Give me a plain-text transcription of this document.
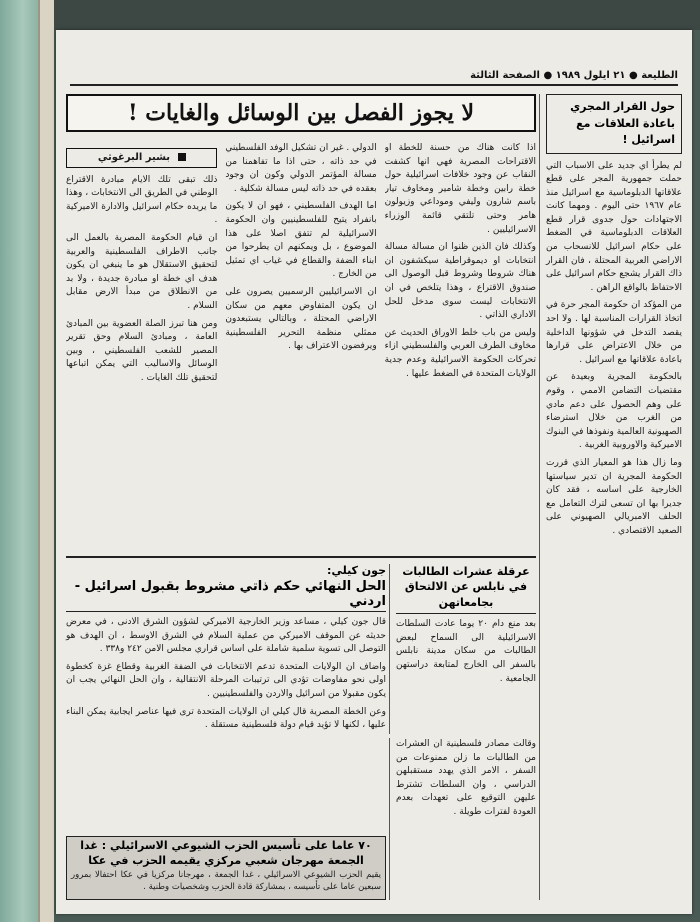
الطليعة ● ٢١ ايلول ١٩٨٩ ● الصفحة الثالثة
حول القرار المجري باعادة العلاقات مع اسرائيل !

لم يطرأ اي جديد على الاسباب التي حملت جمهورية المجر على قطع علاقاتها الدبلوماسية مع اسرائيل منذ عام ١٩٦٧ حتى اليوم . ومهما كانت الاجتهادات حول جدوى قرار قطع العلاقات الدبلوماسية في الضغط على حكام اسرائيل للانسحاب من الاراضي العربية المحتلة ، فان القرار ذاك القرار يشجع حكام اسرائيل على الاحتفاظ بالواقع الراهن .

من المؤكد ان حكومة المجر حرة في اتخاذ القرارات المناسبة لها . ولا احد يقصد التدخل في شؤونها الداخلية من خلال الاعتراض على قرارها باعادة علاقاتها مع اسرائيل .

بالحكومة المجرية وبعيدة عن مقتضيات التضامن الاممي ، وقوم على وهم الحصول على دعم مادي من الغرب من خلال استرضاء الصهيونية العالمية ونفوذها في البنوك الاميركية والاوروبية الغربية .

وما زال هذا هو المعيار الذي قررت الحكومة المجرية ان تدير سياستها الخارجية على اساسه ، فقد كان جديرا بها ان تسعى لترك التعامل مع الحلف الامبريالي الصهيوني على الصعيد الاقتصادي .

لا يجوز الفصل بين الوسائل والغايات !

اذا كانت هناك من حسنة للخطة او الاقتراحات المصرية فهي انها كشفت النقاب عن وجود خلافات اسرائيلية حول خطة رابين وخطة شامير ومخاوف تيار باسم شارون وليفي وموداعي وزيولون هامر وحتى تلتقي قائمة الوزراء الاسرائيليين .

وكذلك فان الذين ظنوا ان مسالة مسالة انتخابات او ديموقراطية سيكشفون ان هناك شروطا وشروط قبل الوصول الى صندوق الاقتراع ، وهذا يتلخص في ان الانتخابات ليست سوى مدخل للحل الاداري الذاتي .

وليس من باب خلط الاوراق الحديث عن مخاوف الطرف العربي والفلسطيني ازاء تحركات الحكومة الاسرائيلية وعدم جدية الولايات المتحدة في الضغط عليها .

الدولي . غير ان تشكيل الوفد الفلسطيني في حد ذاته ، حتى اذا ما تفاهمنا من مسالة المؤتمر الدولي وكون ان وجود بعقده في حد ذاته ليس مسالة شكلية .

اما الهدف الفلسطيني ، فهو ان لا يكون بانفراد يتيح للفلسطينيين وان الحكومة الاسرائيلية لم تتفق اصلا على هذا الموضوع ، بل ويمكنهم ان يطرحوا من ابناء الضفة والقطاع في غياب اي تمثيل من الخارج .

ان الاسرائيليين الرسميين يصرون على ان يكون المتفاوض معهم من سكان الاراضي المحتلة ، وبالتالي يستبعدون ممثلي منظمة التحرير الفلسطينية ويرفضون الاعتراف بها .

بشير البرغوثي

ذلك تبقى تلك الايام مبادرة الاقتراع الوطني في الطريق الى الانتخابات ، وهذا ما يريده حكام اسرائيل والادارة الاميركية .

ان قيام الحكومة المصرية بالعمل الى جانب الاطراف الفلسطينية والعربية لتحقيق الاستقلال هو ما ينبغي ان يكون هدف اي خطة او مبادرة جديدة ، ولا بد من الانطلاق من مبدأ الارض مقابل السلام .

ومن هنا تبرز الصلة العضوية بين المبادئ العامة ، ومبادئ السلام وحق تقرير المصير للشعب الفلسطيني ، وبين الوسائل والاساليب التي يمكن اتباعها لتحقيق تلك الغايات .

جون كيلي:
الحل النهائي حكم ذاتي مشروط بقبول اسرائيل - اردني

قال جون كيلي ، مساعد وزير الخارجية الاميركي لشؤون الشرق الادنى ، في معرض حديثه عن الموقف الاميركي من عملية السلام في الشرق الاوسط ، ان الهدف هو التوصل الى تسوية سلمية شاملة على اساس قراري مجلس الامن ٢٤٢ و٣٣٨ .

واضاف ان الولايات المتحدة تدعم الانتخابات في الضفة الغربية وقطاع غزة كخطوة اولى نحو مفاوضات تؤدي الى ترتيبات المرحلة الانتقالية ، وان الحل النهائي يجب ان يكون مقبولا من اسرائيل والاردن والفلسطينيين .

وعن الخطة المصرية قال كيلي ان الولايات المتحدة ترى فيها عناصر ايجابية يمكن البناء عليها ، لكنها لا تؤيد قيام دولة فلسطينية مستقلة .

عرقلة عشرات الطالبات في نابلس عن الالتحاق بجامعاتهن

بعد منع دام ٢٠ يوما عادت السلطات الاسرائيلية الى السماح لبعض الطالبات من سكان مدينة نابلس بالسفر الى الخارج لمتابعة دراستهن الجامعية .

وقالت مصادر فلسطينية ان العشرات من الطالبات ما زلن ممنوعات من السفر ، الامر الذي يهدد مستقبلهن الدراسي ، وان السلطات تشترط عليهن التوقيع على تعهدات بعدم العودة لفترات طويلة .

٧٠ عاما على تأسيس الحزب الشيوعي الاسرائيلي : غدا الجمعة مهرجان شعبي مركزي يقيمه الحزب في عكا
يقيم الحزب الشيوعي الاسرائيلي ، غدا الجمعة ، مهرجانا مركزيا في عكا احتفالا بمرور سبعين عاما على تأسيسه ، بمشاركة قادة الحزب وشخصيات وطنية .
